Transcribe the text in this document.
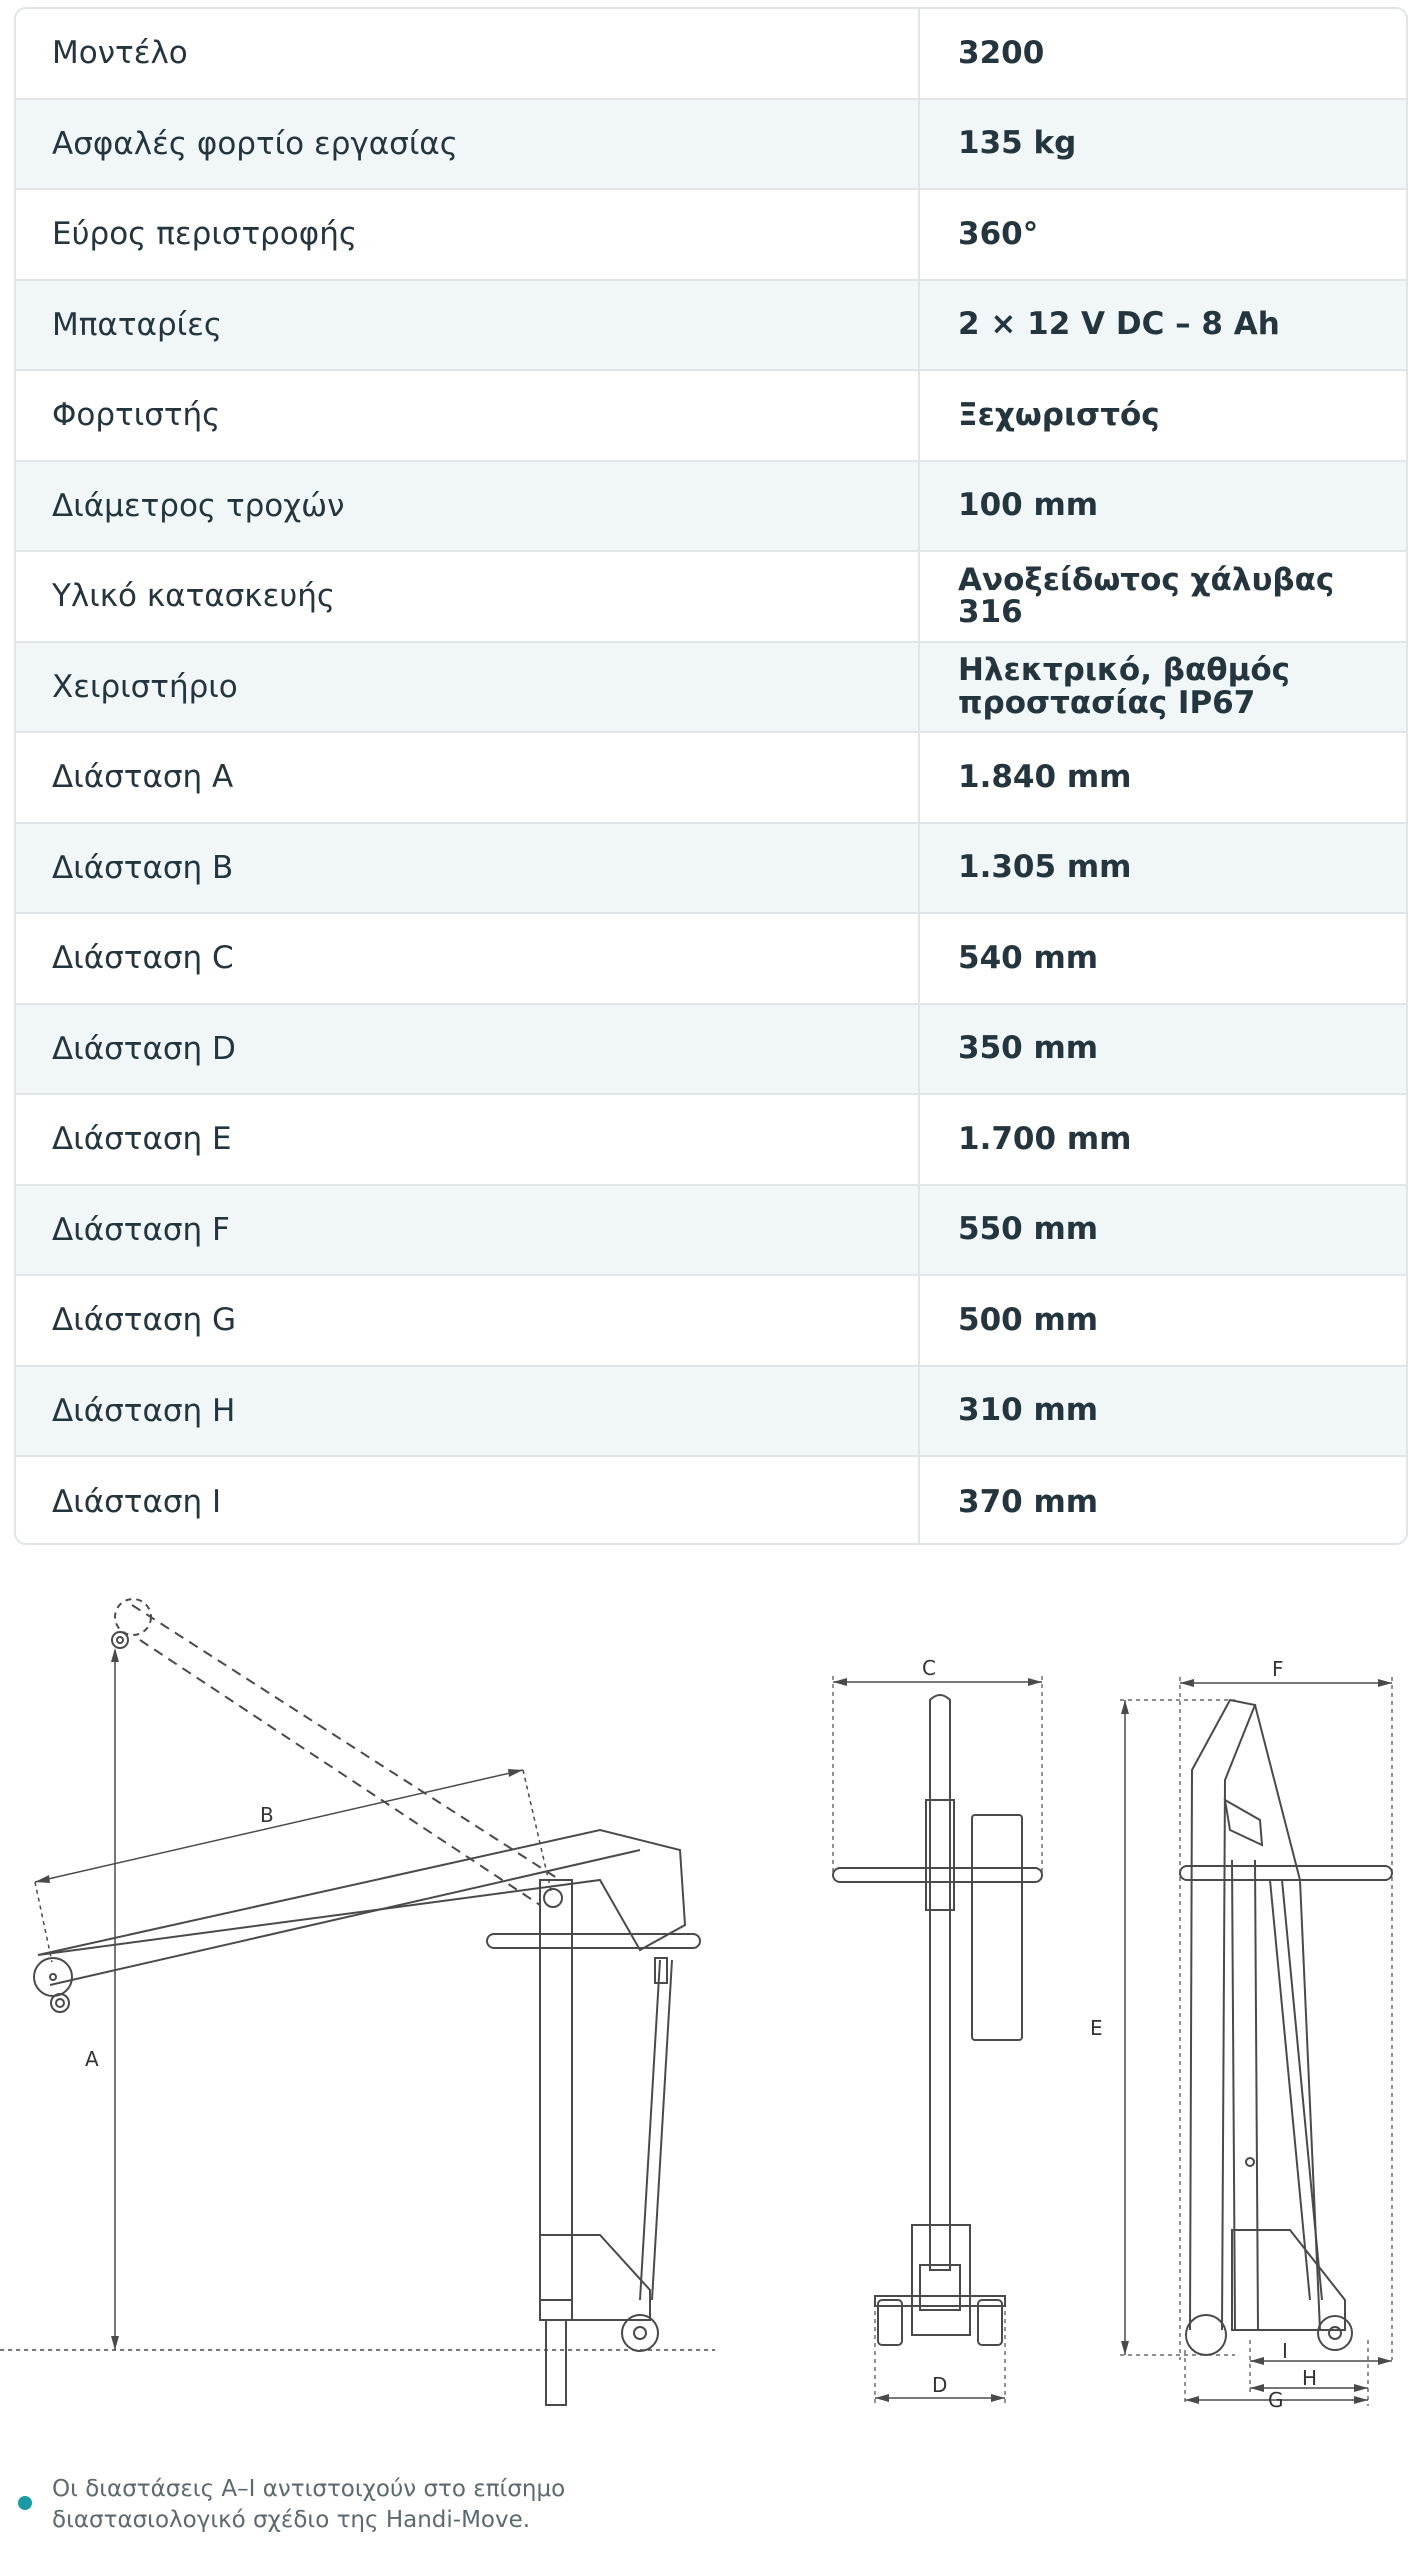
Μοντέλο	3200
Ασφαλές φορτίο εργασίας	135 kg
Εύρος περιστροφής	360°
Μπαταρίες	2 × 12 V DC – 8 Ah
Φορτιστής	Ξεχωριστός
Διάμετρος τροχών	100 mm
Υλικό κατασκευής	Ανοξείδωτος χάλυβας 316
Χειριστήριο	Ηλεκτρικό, βαθμός προστασίας IP67
Διάσταση A	1.840 mm
Διάσταση B	1.305 mm
Διάσταση C	540 mm
Διάσταση D	350 mm
Διάσταση E	1.700 mm
Διάσταση F	550 mm
Διάσταση G	500 mm
Διάσταση H	310 mm
Διάσταση I	370 mm
A
B
C
D
E
F
G
H
I
Οι διαστάσεις A–I αντιστοιχούν στο επίσημο διαστασιολογικό σχέδιο της Handi-Move.
